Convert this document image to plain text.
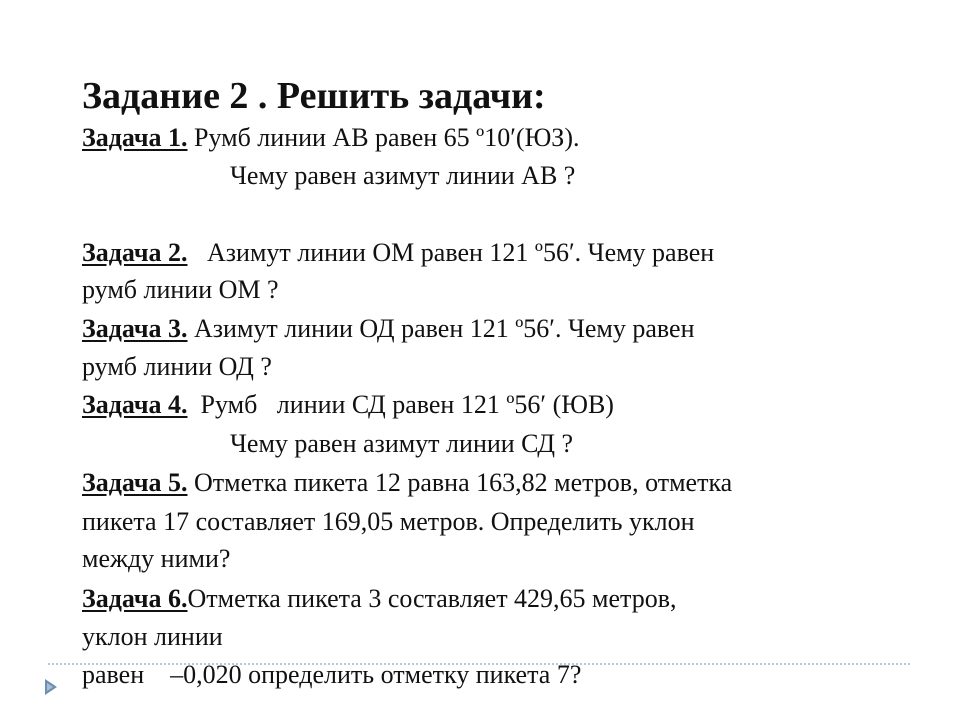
Задание 2 . Решить задачи:
Задача 1. Румб линии АВ равен 65 º10′(ЮЗ).
Чему равен азимут линии АВ ?
Задача 2.   Азимут линии ОМ равен 121 º56′. Чему равен
румб линии ОМ ?
Задача 3. Азимут линии ОД равен 121 º56′. Чему равен
румб линии ОД ?
Задача 4.  Румб   линии СД равен 121 º56′ (ЮВ)
Чему равен азимут линии СД ?
Задача 5. Отметка пикета 12 равна 163,82 метров, отметка
пикета 17 составляет 169,05 метров. Определить уклон
между ними?
Задача 6.Отметка пикета 3 составляет 429,65 метров,
уклон линии
равен    –0,020 определить отметку пикета 7?
